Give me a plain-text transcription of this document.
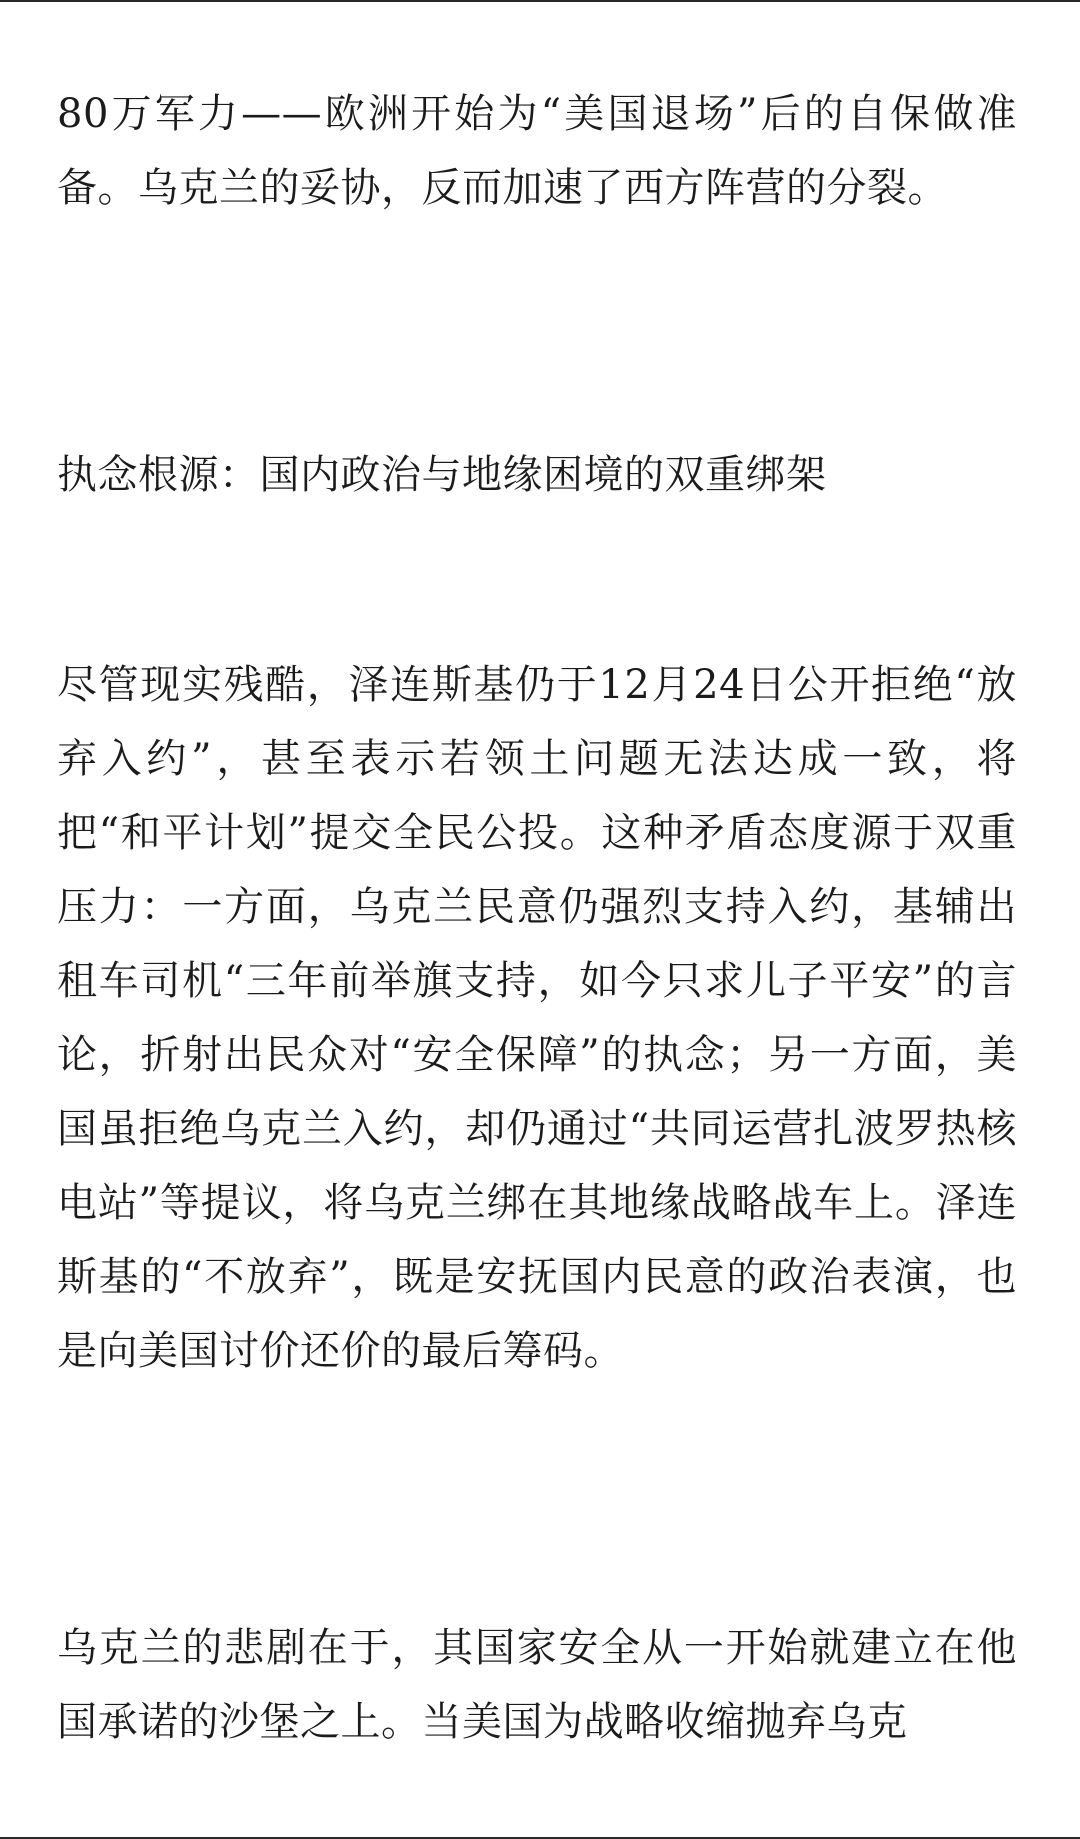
80万军力——欧洲开始为“美国退场”后的自保做准备。乌克兰的妥协，反而加速了西方阵营的分裂。

执念根源：国内政治与地缘困境的双重绑架

尽管现实残酷，泽连斯基仍于12月24日公开拒绝“放弃入约”，甚至表示若领土问题无法达成一致，将把“和平计划”提交全民公投。这种矛盾态度源于双重压力：一方面，乌克兰民意仍强烈支持入约，基辅出租车司机“三年前举旗支持，如今只求儿子平安”的言论，折射出民众对“安全保障”的执念；另一方面，美国虽拒绝乌克兰入约，却仍通过“共同运营扎波罗热核电站”等提议，将乌克兰绑在其地缘战略战车上。泽连斯基的“不放弃”，既是安抚国内民意的政治表演，也是向美国讨价还价的最后筹码。

乌克兰的悲剧在于，其国家安全从一开始就建立在他国承诺的沙堡之上。当美国为战略收缩抛弃乌克
